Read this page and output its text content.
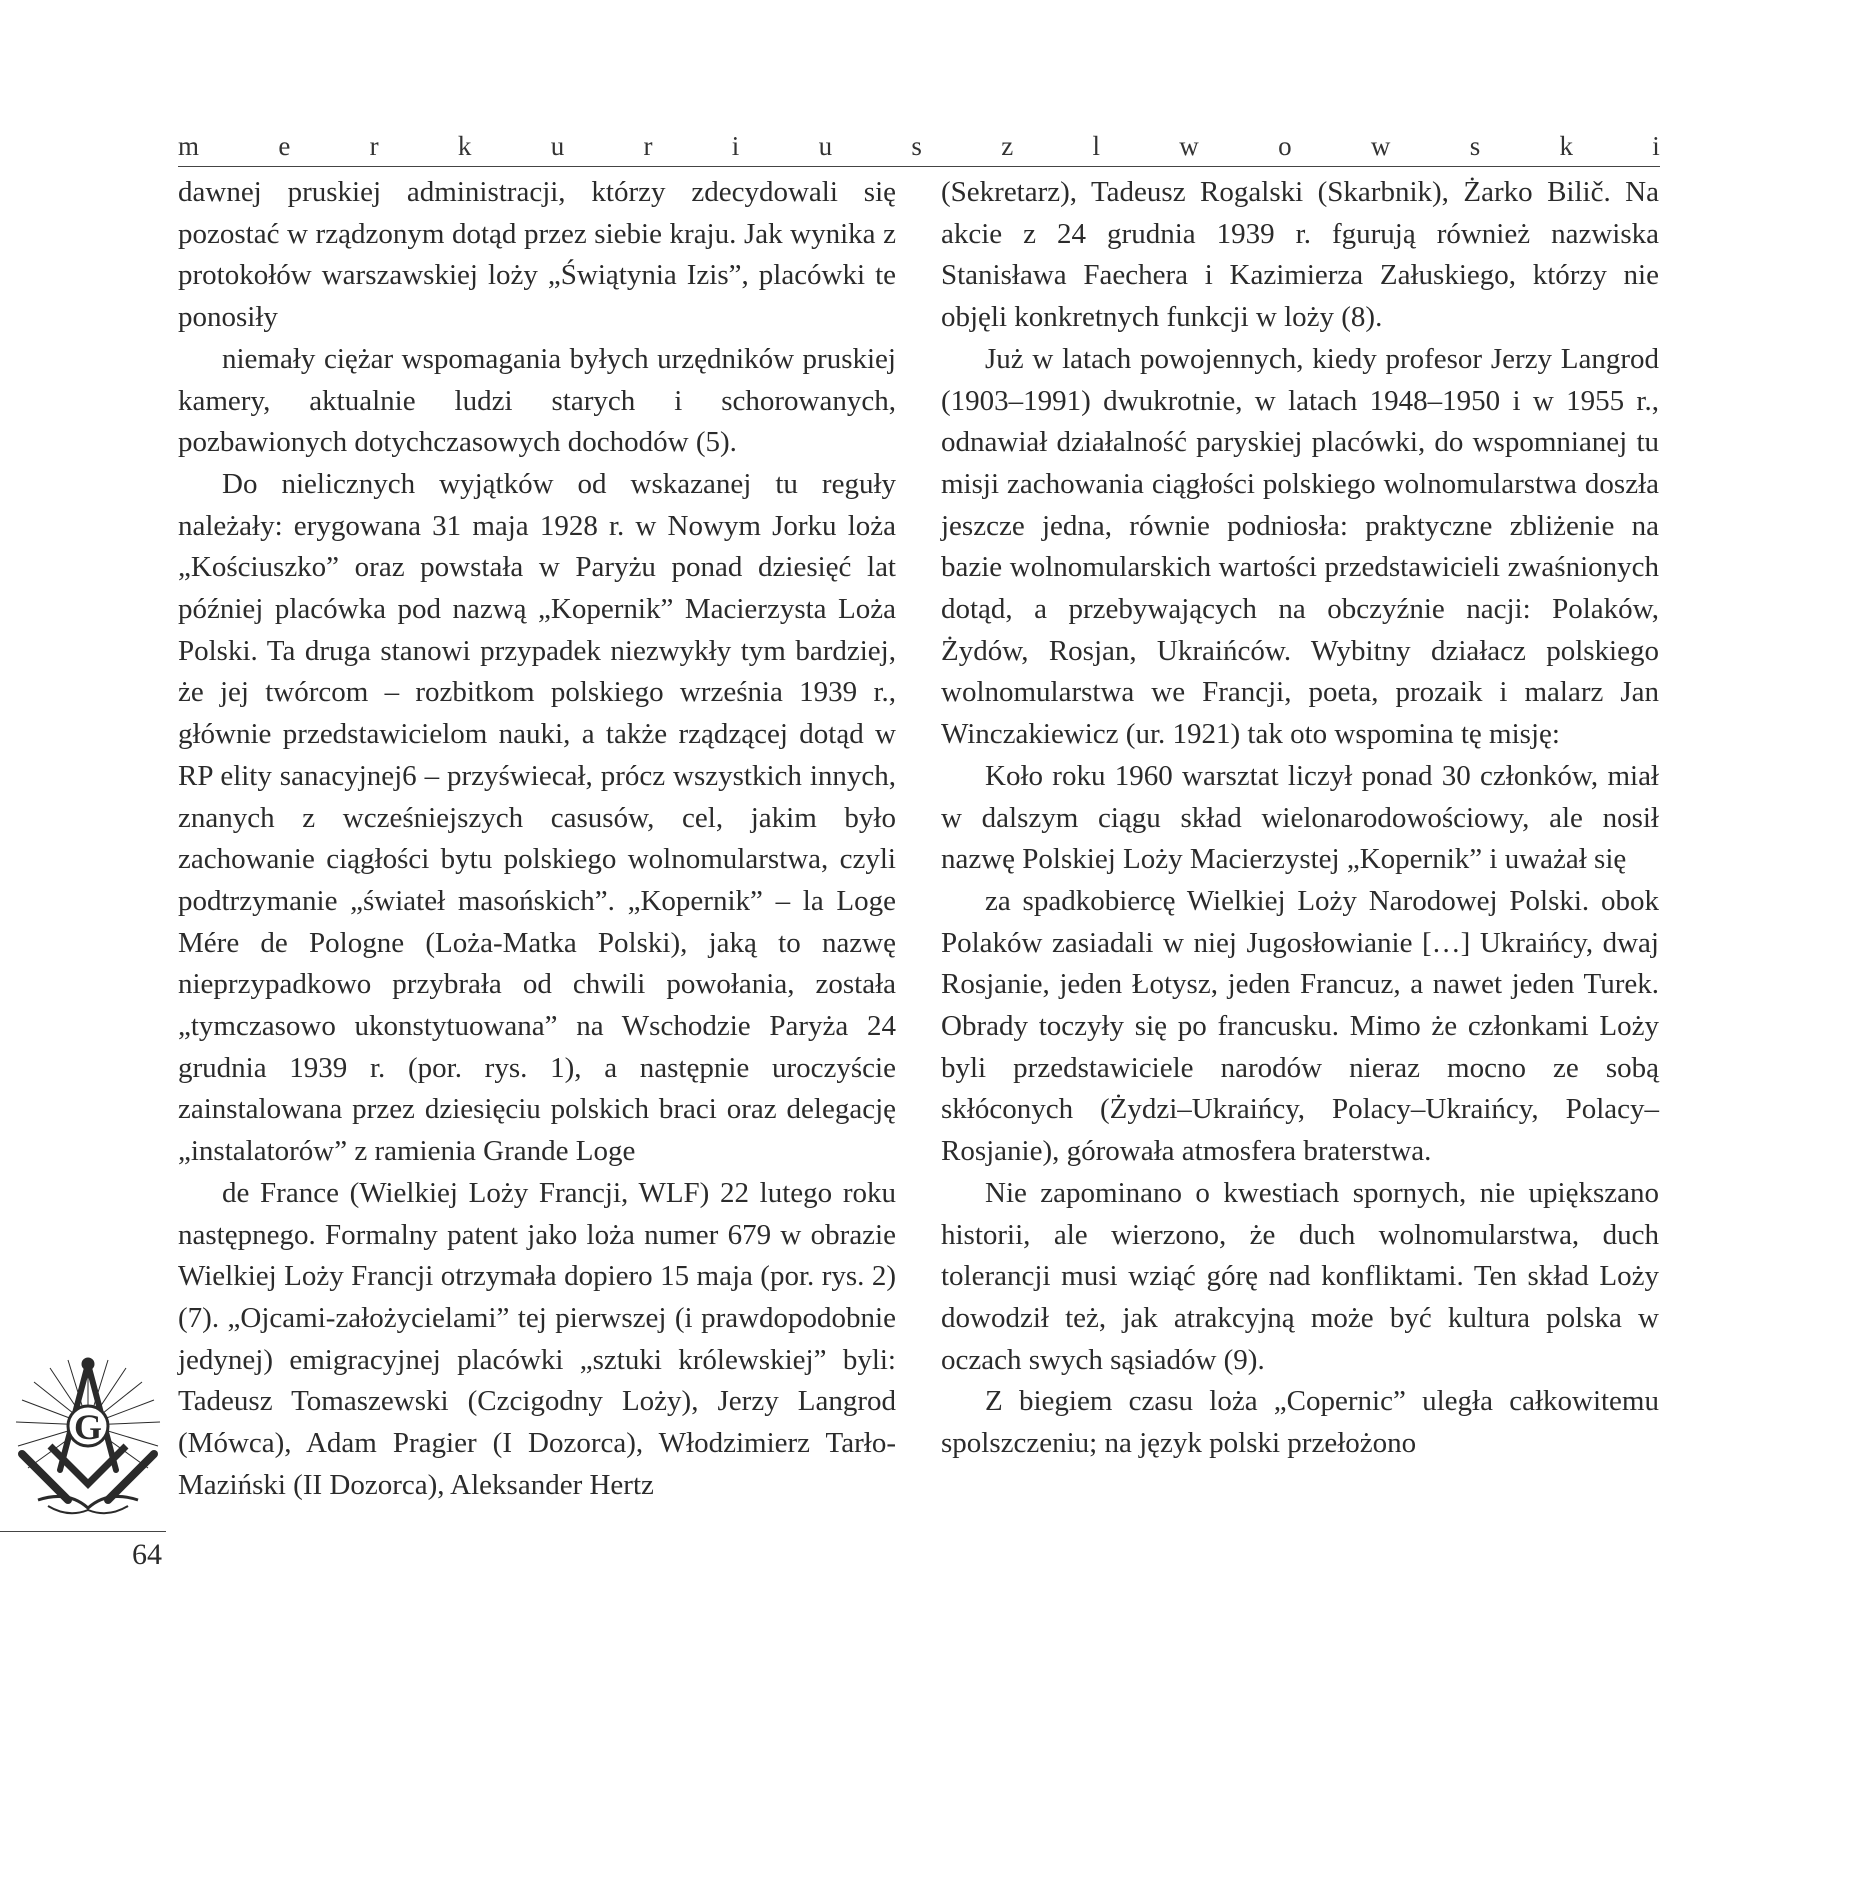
m	e	r	k	u	r	i	u	s	z	l	w	o	w	s	k	i

dawnej pruskiej administracji, którzy zdecydowali się pozostać w rządzonym dotąd przez siebie kraju. Jak wynika z protokołów warszawskiej loży „Świątynia Izis”, placówki te ponosiły

niemały ciężar wspomagania byłych urzędników pruskiej kamery, aktualnie ludzi starych i schorowanych, pozbawionych dotychczasowych dochodów (5).

Do nielicznych wyjątków od wskazanej tu reguły należały: erygowana 31 maja 1928 r. w Nowym Jorku loża „Kościuszko” oraz powstała w Paryżu ponad dziesięć lat później placówka pod nazwą „Kopernik” Macierzysta Loża Polski. Ta druga stanowi przypadek niezwykły tym bardziej, że jej twórcom – rozbitkom polskiego września 1939 r., głównie przedstawicielom nauki, a także rządzącej dotąd w RP elity sanacyjnej6 – przyświecał, prócz wszystkich innych, znanych z wcześniejszych casusów, cel, jakim było zachowanie ciągłości bytu polskiego wolnomularstwa, czyli podtrzymanie „świateł masońskich”. „Kopernik” – la Loge Mére de Pologne (Loża-Matka Polski), jaką to nazwę nieprzypadkowo przybrała od chwili powołania, została „tymczasowo ukonstytuowana” na Wschodzie Paryża 24 grudnia 1939 r. (por. rys. 1), a następnie uroczyście zainstalowana przez dziesięciu polskich braci oraz delegację „instalatorów” z ramienia Grande Loge

de France (Wielkiej Loży Francji, WLF) 22 lutego roku następnego. Formalny patent jako loża numer 679 w obrazie Wielkiej Loży Francji otrzymała dopiero 15 maja (por. rys. 2) (7). „Ojcami-założycielami” tej pierwszej (i prawdopodobnie jedynej) emigracyjnej placówki „sztuki królewskiej” byli: Tadeusz Tomaszewski (Czcigodny Loży), Jerzy Langrod (Mówca), Adam Pragier (I Dozorca), Włodzimierz Tarło-Maziński (II Dozorca), Aleksander Hertz

(Sekretarz), Tadeusz Rogalski (Skarbnik), Żarko Bilič. Na akcie z 24 grudnia 1939 r. fgurują również nazwiska Stanisława Faechera i Kazimierza Załuskiego, którzy nie objęli konkretnych funkcji w loży (8).

Już w latach powojennych, kiedy profesor Jerzy Langrod (1903–1991) dwukrotnie, w latach 1948–1950 i w 1955 r., odnawiał działalność paryskiej placówki, do wspomnianej tu misji zachowania ciągłości polskiego wolnomularstwa doszła jeszcze jedna, równie podniosła: praktyczne zbliżenie na bazie wolnomularskich wartości przedstawicieli zwaśnionych dotąd, a przebywających na obczyźnie nacji: Polaków, Żydów, Rosjan, Ukraińców. Wybitny działacz polskiego wolnomularstwa we Francji, poeta, prozaik i malarz Jan Winczakiewicz (ur. 1921) tak oto wspomina tę misję:

Koło roku 1960 warsztat liczył ponad 30 członków, miał w dalszym ciągu skład wielonarodowościowy, ale nosił nazwę Polskiej Loży Macierzystej „Kopernik” i uważał się

za spadkobiercę Wielkiej Loży Narodowej Polski. obok Polaków zasiadali w niej Jugosłowianie […] Ukraińcy, dwaj Rosjanie, jeden Łotysz, jeden Francuz, a nawet jeden Turek. Obrady toczyły się po francusku. Mimo że członkami Loży byli przedstawiciele narodów nieraz mocno ze sobą skłóconych (Żydzi–Ukraińcy, Polacy–Ukraińcy, Polacy–Rosjanie), górowała atmosfera braterstwa.

Nie zapominano o kwestiach spornych, nie upiększano historii, ale wierzono, że duch wolnomularstwa, duch tolerancji musi wziąć górę nad konfliktami. Ten skład Loży dowodził też, jak atrakcyjną może być kultura polska w oczach swych sąsiadów (9).

Z biegiem czasu loża „Copernic” uległa całkowitemu spolszczeniu; na język polski przełożono

G
64
